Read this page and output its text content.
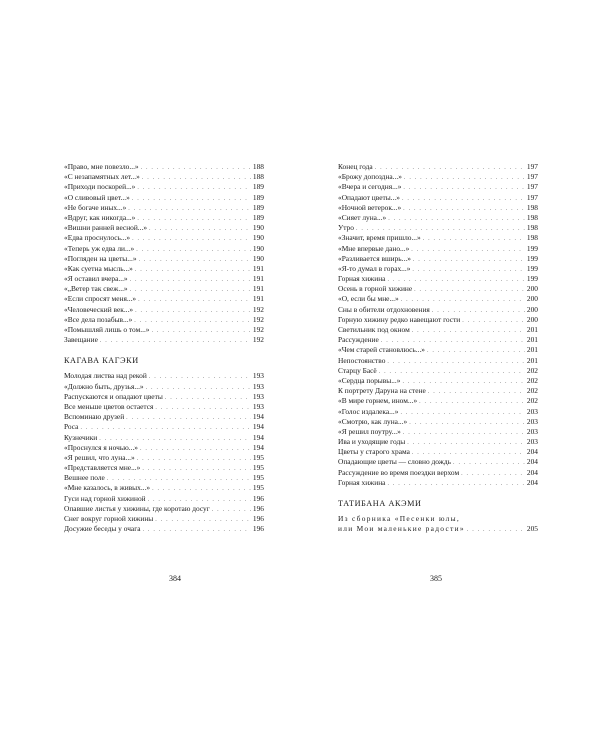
«Право, мне повезло...» . . .	188
«С незапамятных лет...» . . .	188
«Приходи поскорей...» . . .	189
«О сливовый цвет...» . . .	189
«Не богаче иных...» . . .	189
«Вдруг, как никогда...» . . .	189
«Вишни ранней весной...» . . .	190
«Едва проснулось...» . . .	190
«Теперь уж едва ли...» . . .	190
«Погляден на цветы...» . . .	190
«Как суетна мысль...» . . .	191
«Я оставил вчера...» . . .	191
«„Ветер так свеж...» . . .	191
«Если спросят меня...» . . .	191
«Человеческий век...» . . .	192
«Все дела позабыв...» . . .	192
«Помышляй лишь о том...» . . .	192
Завещание . . .	192
КАГАВА КАГЭКИ
Молодая листва над рекой . . .	193
«Должно быть, друзья...» . . .	193
Распускаются и опадают цветы . . .	193
Все меньше цветов остается . . .	193
Вспоминаю друзей . . .	194
Роса . . .	194
Кузнечики . . .	194
«Проснулся я ночью...» . . .	194
«Я решил, что луна...» . . .	195
«Представляется мне...» . . .	195
Вешнее поле . . .	195
«Мне казалось, в живых...» . . .	195
Гуси над горной хижиной . . .	196
Опавшие листья у хижины, где коротаю досуг . . .	196
Снег вокруг горной хижины . . .	196
Досужие беседы у очага . . .	196
384
Конец года . . .	197
«Брожу допоздна...» . . .	197
«Вчера и сегодня...» . . .	197
«Опадают цветы...» . . .	197
«Ночной ветерок...» . . .	198
«Сияет луна...» . . .	198
Утро . . .	198
«Значит, время пришло...» . . .	198
«Мне впервые дано...» . . .	199
«Разливается вширь...» . . .	199
«Я-то думал в горах...» . . .	199
Горная хижина . . .	199
Осень в горной хижине . . .	200
«О, если бы мне...» . . .	200
Сны в обители отдохновения . . .	200
Горную хижину редко навещают гости . . .	200
Светильник под окном . . .	201
Рассуждение . . .	201
«Чем старей становлюсь...» . . .	201
Непостоянство . . .	201
Старцу Басё . . .	202
«Сердца порывы...» . . .	202
К портрету Даруна на стене . . .	202
«В мире горнем, ином...» . . .	202
«Голос издалека...» . . .	203
«Смотрю, как луна...» . . .	203
«Я решил поутру...» . . .	203
Ива и уходящие годы . . .	203
Цветы у старого храма . . .	204
Опадающие цветы — словно дождь . . .	204
Рассуждение во время поездки верхом . . .	204
Горная хижина . . .	204
ТАТИБАНА АКЭМИ
Из сборника «Песенки юлы,
или Мои маленькие радости» . . .	205
385
